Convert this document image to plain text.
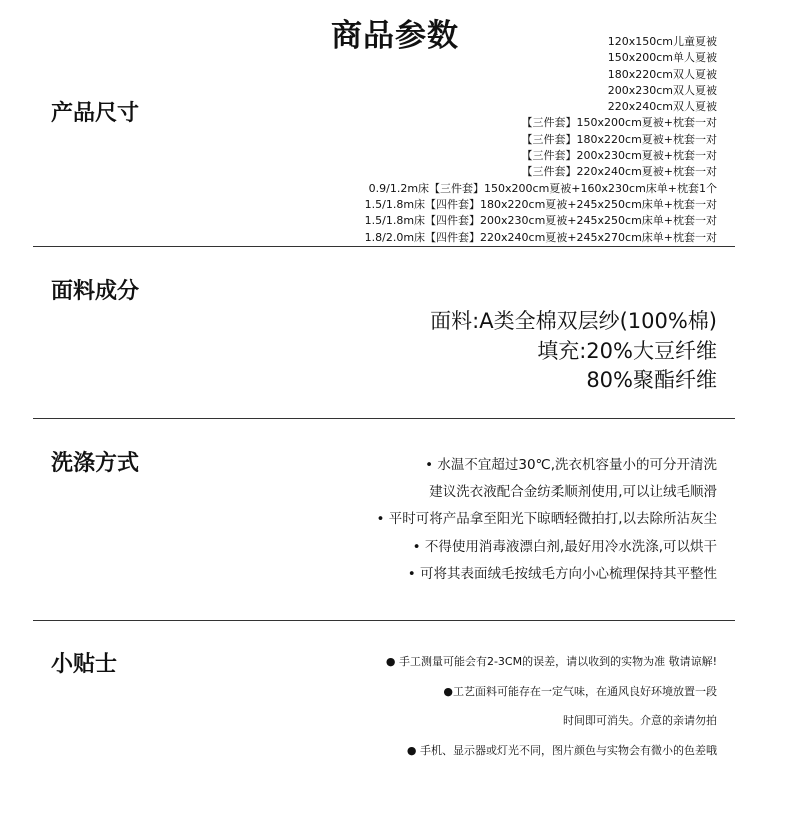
商品参数
产品尺寸
120x150cm儿童夏被
150x200cm单人夏被
180x220cm双人夏被
200x230cm双人夏被
220x240cm双人夏被
【三件套】150x200cm夏被+枕套一对
【三件套】180x220cm夏被+枕套一对
【三件套】200x230cm夏被+枕套一对
【三件套】220x240cm夏被+枕套一对
0.9/1.2m床【三件套】150x200cm夏被+160x230cm床单+枕套1个
1.5/1.8m床【四件套】180x220cm夏被+245x250cm床单+枕套一对
1.5/1.8m床【四件套】200x230cm夏被+245x250cm床单+枕套一对
1.8/2.0m床【四件套】220x240cm夏被+245x270cm床单+枕套一对
面料成分
面料:A类全棉双层纱(100%棉)
填充:20%大豆纤维
80%聚酯纤维
洗涤方式	• 水温不宜超过30℃,洗衣机容量小的可分开清洗
建议洗衣液配合金纺柔顺剂使用,可以让绒毛顺滑
• 平时可将产品拿至阳光下晾晒轻微拍打,以去除所沾灰尘
• 不得使用消毒液漂白剂,最好用冷水洗涤,可以烘干
• 可将其表面绒毛按绒毛方向小心梳理保持其平整性
小贴士	● 手工测量可能会有2-3CM的误差，请以收到的实物为准 敬请谅解!
●工艺面料可能存在一定气味，在通风良好环境放置一段
时间即可消失。介意的亲请勿拍
● 手机、显示器或灯光不同，图片颜色与实物会有微小的色差哦
